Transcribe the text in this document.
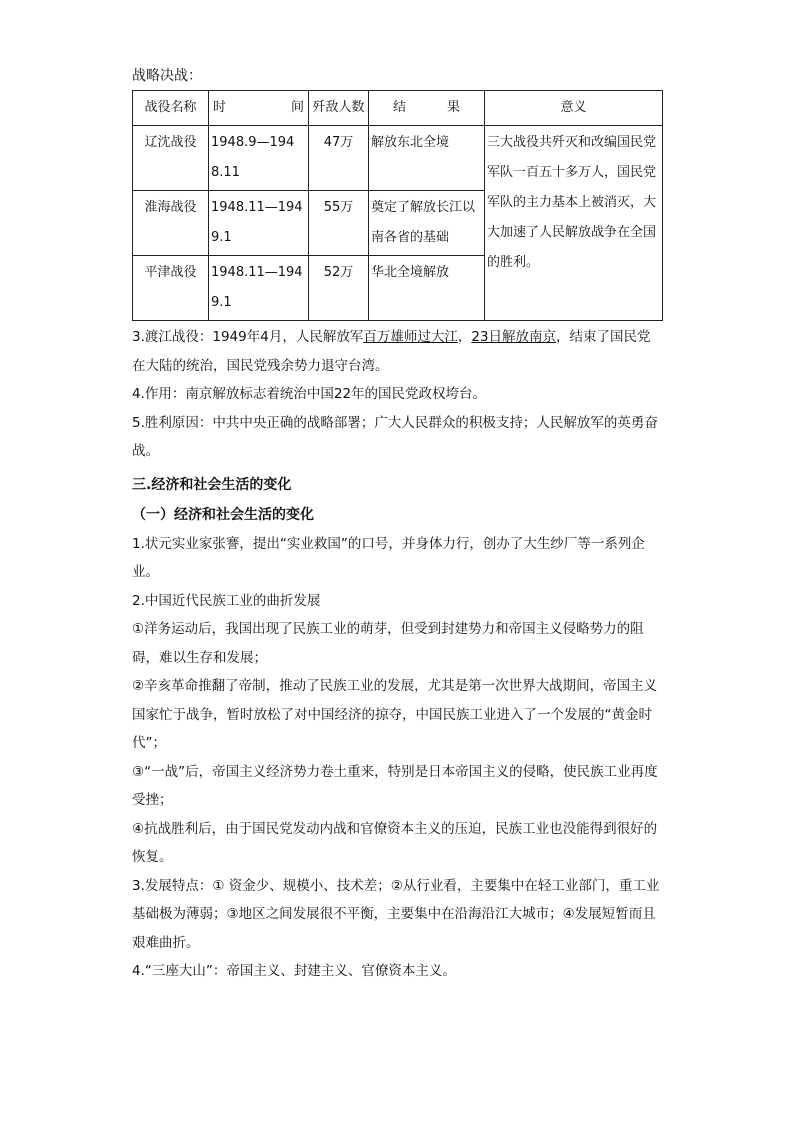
战略决战：

战役名称	时 间	歼敌人数	结 果	意义
辽沈战役	1948.9—1948.11	47万	解放东北全境	三大战役共歼灭和改编国民党军队一百五十多万人，国民党军队的主力基本上被消灭，大大加速了人民解放战争在全国的胜利。
淮海战役	1948.11—1949.1	55万	奠定了解放长江以南各省的基础	
平津战役	1948.11—1949.1	52万	华北全境解放	

3.渡江战役：1949年4月，人民解放军百万雄师过大江，23日解放南京，结束了国民党在大陆的统治，国民党残余势力退守台湾。

4.作用：南京解放标志着统治中国22年的国民党政权垮台。

5.胜利原因：中共中央正确的战略部署；广大人民群众的积极支持；人民解放军的英勇奋战。

三.经济和社会生活的变化

（一）经济和社会生活的变化

1.状元实业家张謇，提出“实业救国”的口号，并身体力行，创办了大生纱厂等一系列企业。

2.中国近代民族工业的曲折发展

①洋务运动后，我国出现了民族工业的萌芽，但受到封建势力和帝国主义侵略势力的阻碍，难以生存和发展；

②辛亥革命推翻了帝制，推动了民族工业的发展，尤其是第一次世界大战期间，帝国主义国家忙于战争，暂时放松了对中国经济的掠夺，中国民族工业进入了一个发展的“黄金时代”；

③“一战”后，帝国主义经济势力卷土重来，特别是日本帝国主义的侵略，使民族工业再度受挫；

④抗战胜利后，由于国民党发动内战和官僚资本主义的压迫，民族工业也没能得到很好的恢复。

3.发展特点：① 资金少、规模小、技术差；②从行业看，主要集中在轻工业部门，重工业基础极为薄弱；③地区之间发展很不平衡，主要集中在沿海沿江大城市；④发展短暂而且艰难曲折。

4.“三座大山”：帝国主义、封建主义、官僚资本主义。
